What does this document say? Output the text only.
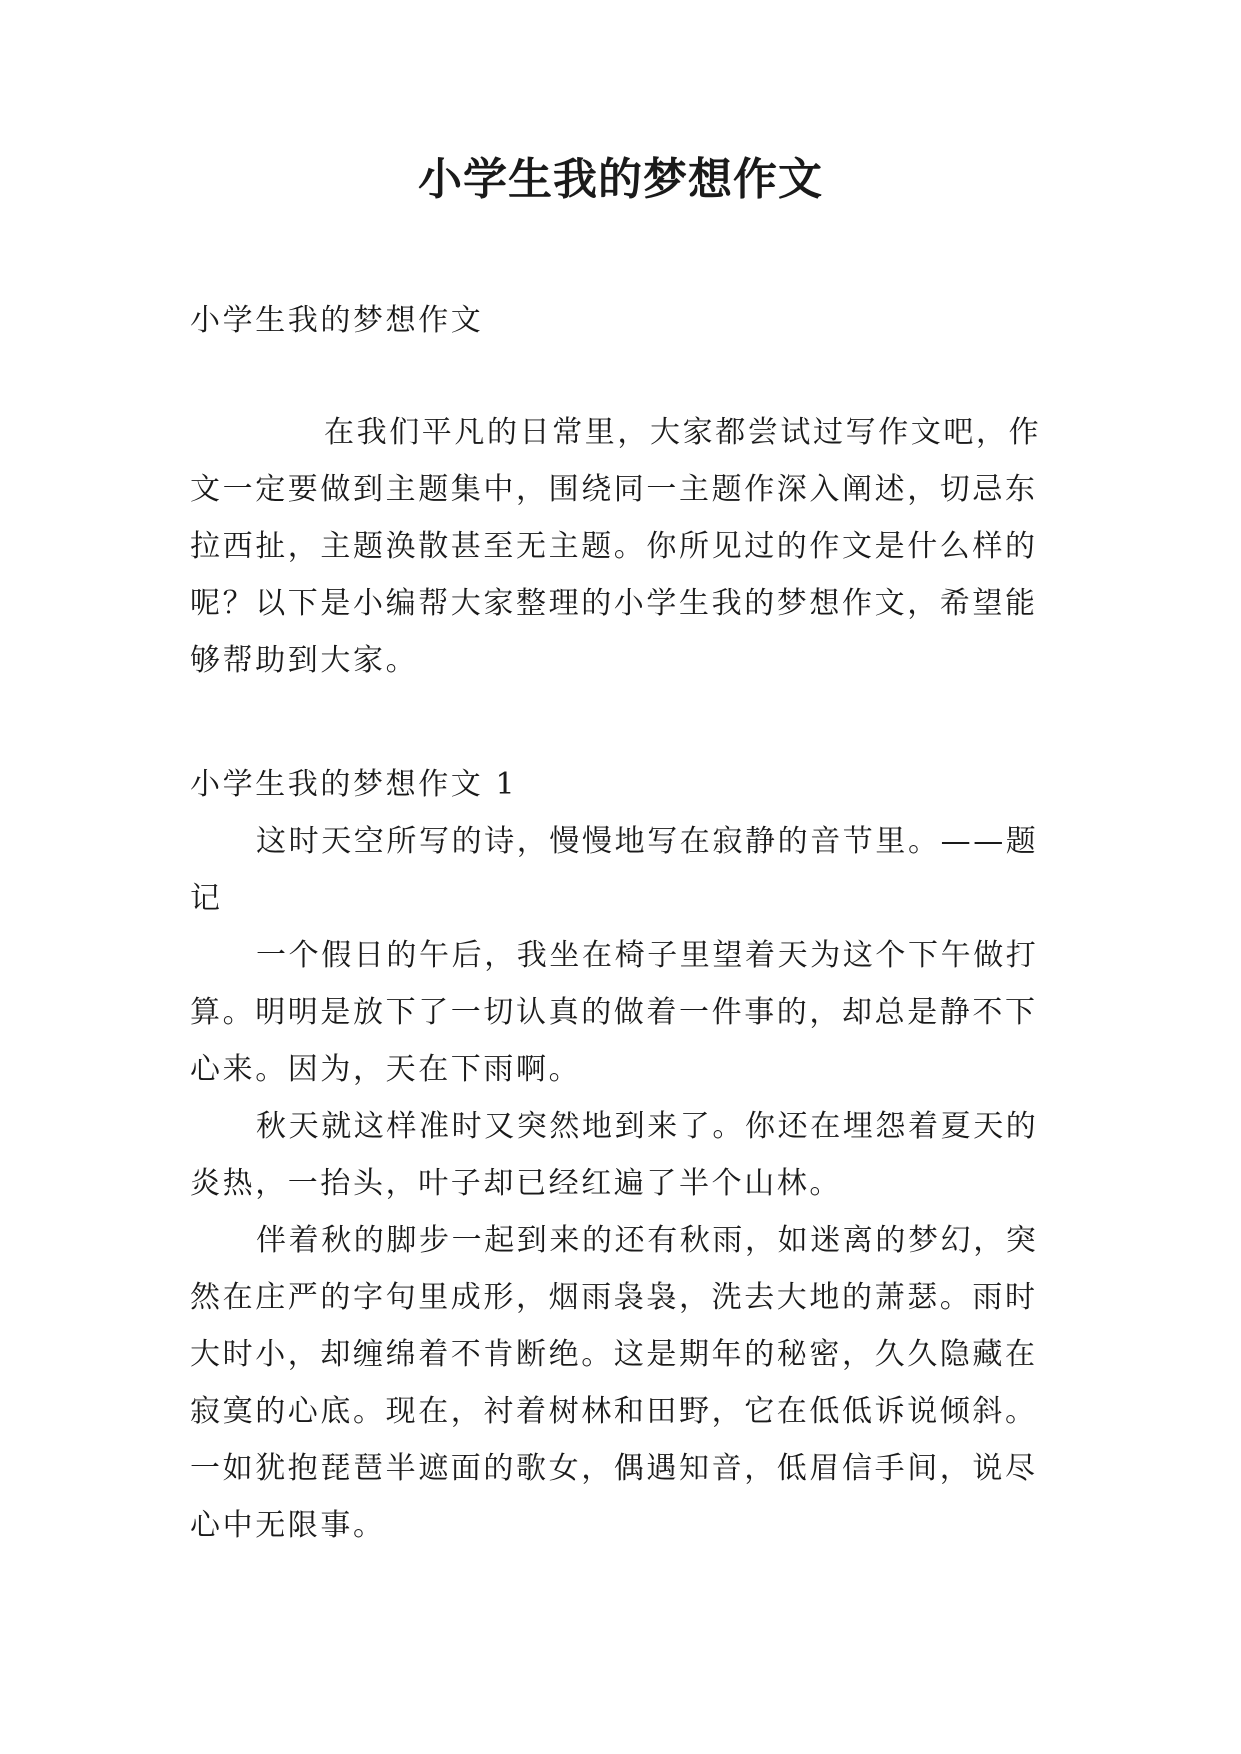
小学生我的梦想作文

小学生我的梦想作文

在我们平凡的日常里，大家都尝试过写作文吧，作文一定要做到主题集中，围绕同一主题作深入阐述，切忌东拉西扯，主题涣散甚至无主题。你所见过的作文是什么样的呢？以下是小编帮大家整理的小学生我的梦想作文，希望能够帮助到大家。

小学生我的梦想作文 1

这时天空所写的诗，慢慢地写在寂静的音节里。——题记

一个假日的午后，我坐在椅子里望着天为这个下午做打算。明明是放下了一切认真的做着一件事的，却总是静不下心来。因为，天在下雨啊。

秋天就这样准时又突然地到来了。你还在埋怨着夏天的炎热，一抬头，叶子却已经红遍了半个山林。

伴着秋的脚步一起到来的还有秋雨，如迷离的梦幻，突然在庄严的字句里成形，烟雨袅袅，洗去大地的萧瑟。雨时大时小，却缠绵着不肯断绝。这是期年的秘密，久久隐藏在寂寞的心底。现在，衬着树林和田野，它在低低诉说倾斜。一如犹抱琵琶半遮面的歌女，偶遇知音，低眉信手间，说尽心中无限事。
